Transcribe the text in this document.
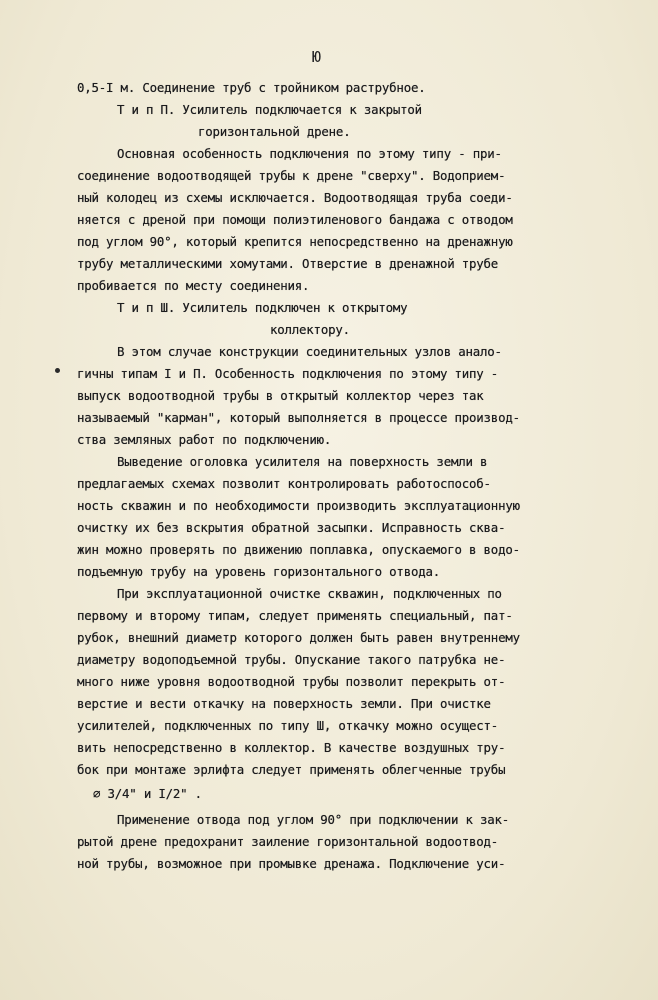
Ю
0,5-I м. Соединение труб с тройником раструбное.
Т и п П. Усилитель подключается к закрытой
горизонтальной дрене.
Основная особенность подключения по этому типу - при-
соединение водоотводящей трубы к дрене "сверху". Водоприем-
ный колодец из схемы исключается. Водоотводящая труба соеди-
няется с дреной при помощи полиэтиленового бандажа с отводом
под углом 90°, который крепится непосредственно на дренажную
трубу металлическими хомутами. Отверстие в дренажной трубе
пробивается по месту соединения.
Т и п Ш. Усилитель подключен к открытому
коллектору.
В этом случае конструкции соединительных узлов анало-
гичны типам I и П. Особенность подключения по этому типу -
выпуск водоотводной трубы в открытый коллектор через так
называемый "карман", который выполняется в процессе производ-
ства земляных работ по подключению.
Выведение оголовка усилителя на поверхность земли в
предлагаемых схемах позволит контролировать работоспособ-
ность скважин и по необходимости производить эксплуатационную
очистку их без вскрытия обратной засыпки. Исправность сква-
жин можно проверять по движению поплавка, опускаемого в водо-
подъемную трубу на уровень горизонтального отвода.
При эксплуатационной очистке скважин, подключенных по
первому и второму типам, следует применять специальный, пат-
рубок, внешний диаметр которого должен быть равен внутреннему
диаметру водоподъемной трубы. Опускание такого патрубка не-
много ниже уровня водоотводной трубы позволит перекрыть от-
верстие и вести откачку на поверхность земли. При очистке
усилителей, подключенных по типу Ш, откачку можно осущест-
вить непосредственно в коллектор. В качестве воздушных тру-
бок при монтаже эрлифта следует применять облегченные трубы
⌀ 3/4" и I/2" .
Применение отвода под углом 90° при подключении к зак-
рытой дрене предохранит заиление горизонтальной водоотвод-
ной трубы, возможное при промывке дренажа. Подключение уси-
